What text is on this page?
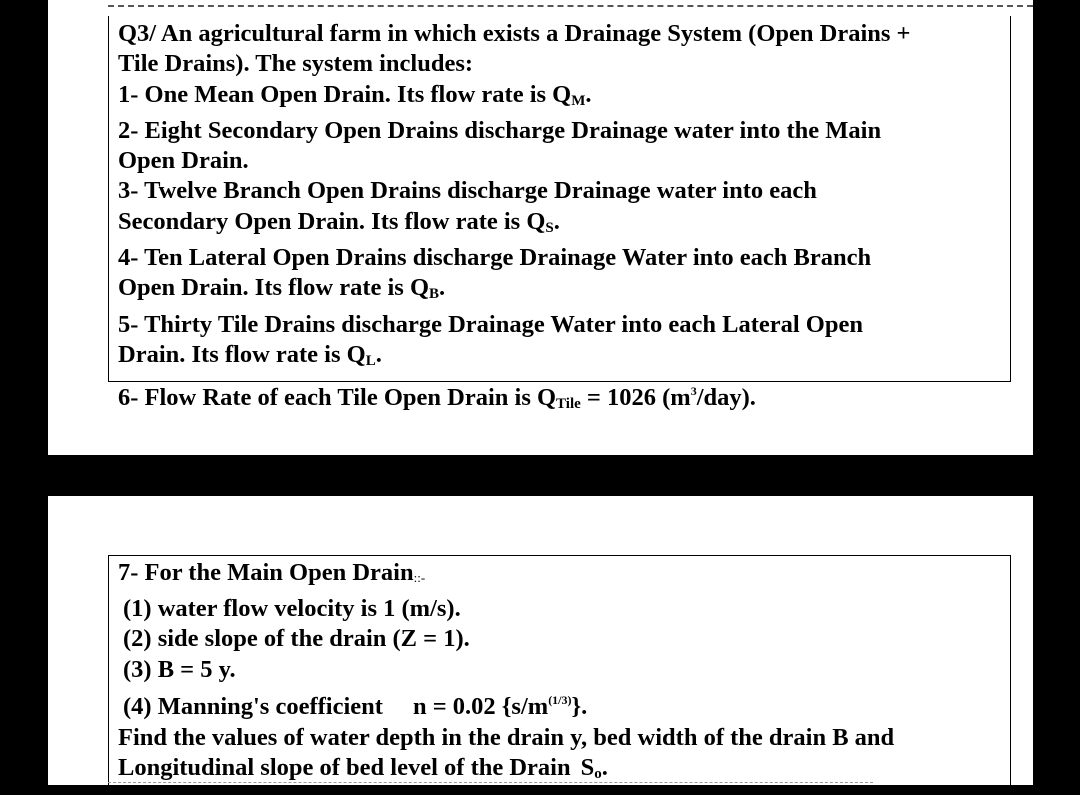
Q3/ An agricultural farm in which exists a Drainage System (Open Drains +

Tile Drains). The system includes:

1- One Mean Open Drain. Its flow rate is $Q_M$.

2- Eight Secondary Open Drains discharge Drainage water into the Main

Open Drain.

3- Twelve Branch Open Drains discharge Drainage water into each

Secondary Open Drain. Its flow rate is $Q_S$.

4- Ten Lateral Open Drains discharge Drainage Water into each Branch

Open Drain. Its flow rate is $Q_B$.

5- Thirty Tile Drains discharge Drainage Water into each Lateral Open

Drain. Its flow rate is $Q_L$.

6- Flow Rate of each Tile Open Drain is $Q_{Tile} = 1026$ $(m^3/day)$.

7- For the Main Open Drain::-

(1) water flow velocity is 1 (m/s).

(2) side slope of the drain (Z = 1).

(3) B = 5 y.

(4) Manning's coefficient n = 0.02 $\{s/m^{(1/3)}\}$.

Find the values of water depth in the drain y, bed width of the drain B and

Longitudinal slope of bed level of the Drain $S_o$.
